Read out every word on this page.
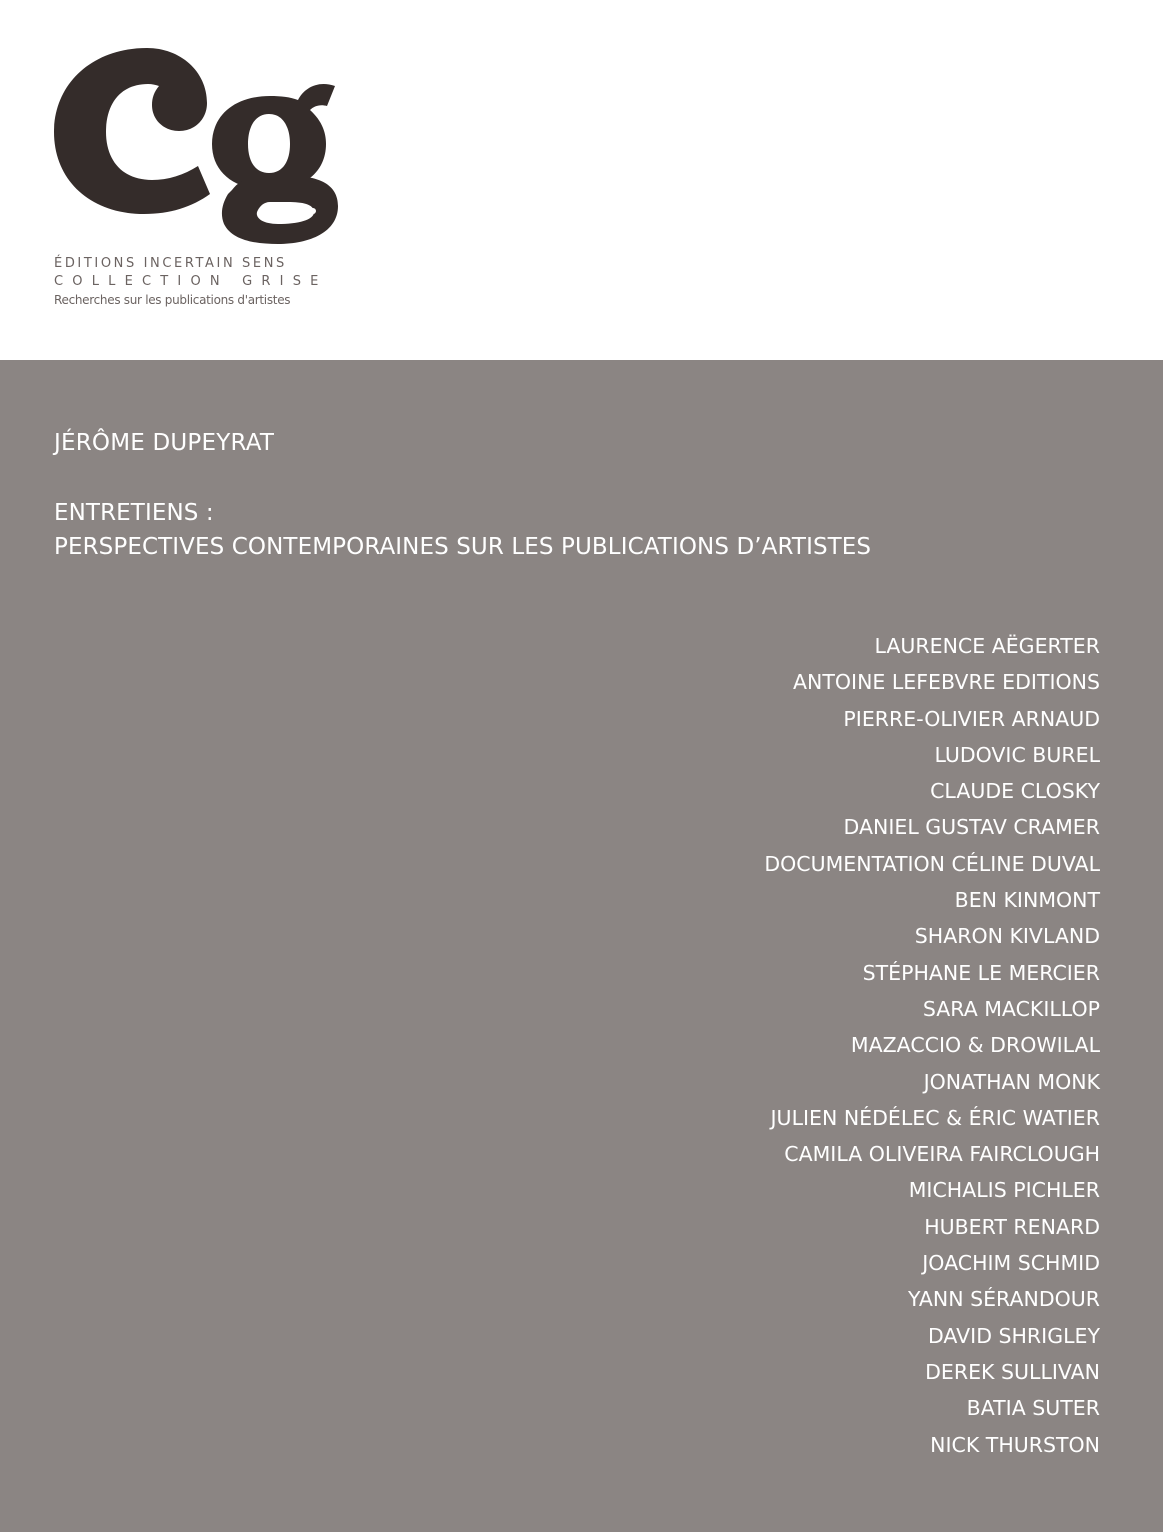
ÉDITIONS INCERTAIN SENS
COLLECTION GRISE
Recherches sur les publications d'artistes
JÉRÔME DUPEYRAT
ENTRETIENS :
PERSPECTIVES CONTEMPORAINES SUR LES PUBLICATIONS D’ARTISTES
LAURENCE AËGERTER
ANTOINE LEFEBVRE EDITIONS
PIERRE-OLIVIER ARNAUD
LUDOVIC BUREL
CLAUDE CLOSKY
DANIEL GUSTAV CRAMER
DOCUMENTATION CÉLINE DUVAL
BEN KINMONT
SHARON KIVLAND
STÉPHANE LE MERCIER
SARA MACKILLOP
MAZACCIO & DROWILAL
JONATHAN MONK
JULIEN NÉDÉLEC & ÉRIC WATIER
CAMILA OLIVEIRA FAIRCLOUGH
MICHALIS PICHLER
HUBERT RENARD
JOACHIM SCHMID
YANN SÉRANDOUR
DAVID SHRIGLEY
DEREK SULLIVAN
BATIA SUTER
NICK THURSTON
